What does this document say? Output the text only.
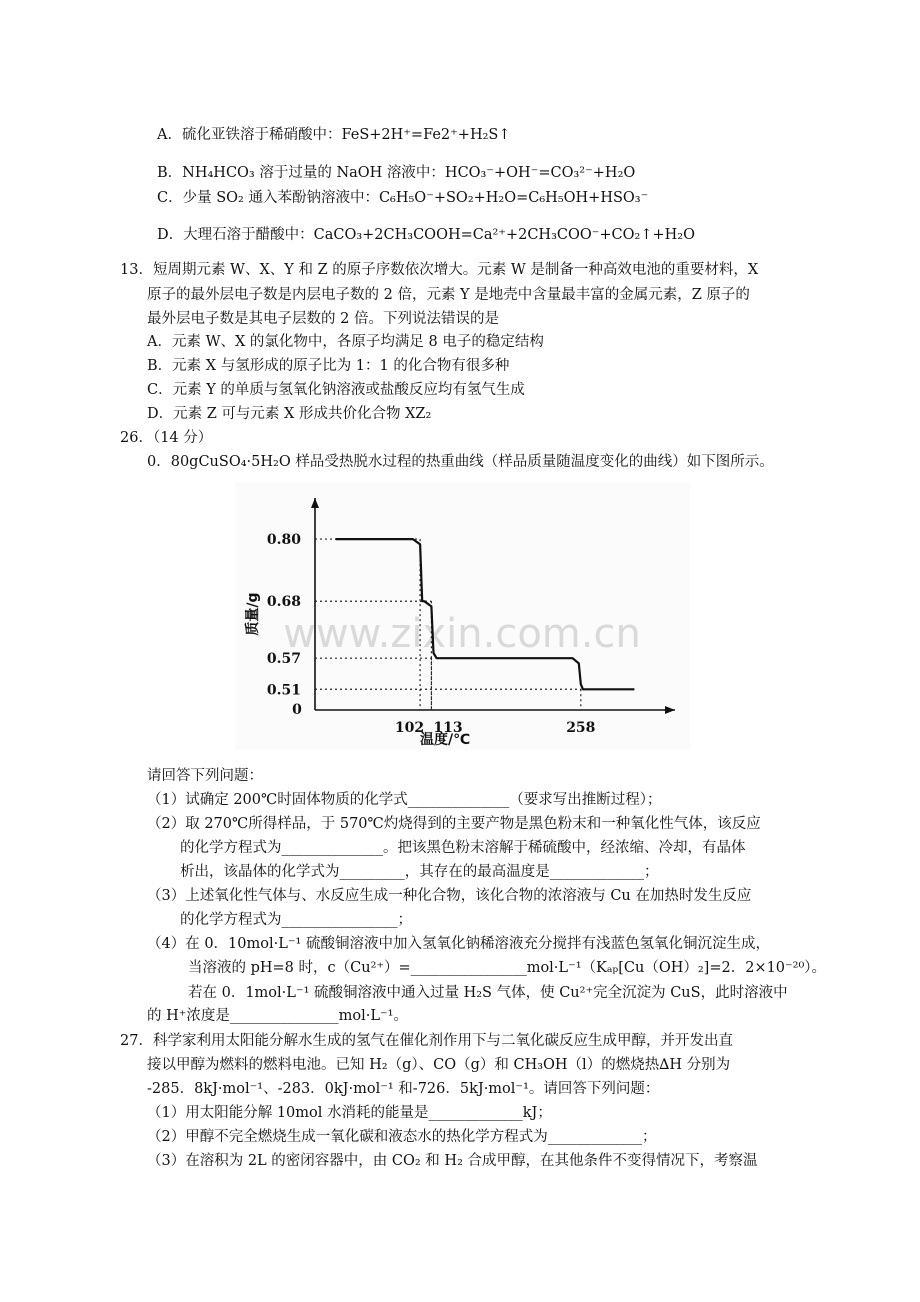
A．硫化亚铁溶于稀硝酸中：FeS+2H⁺=Fe2⁺+H₂S↑
B．NH₄HCO₃ 溶于过量的 NaOH 溶液中：HCO₃⁻+OH⁻=CO₃²⁻+H₂O
C．少量 SO₂ 通入苯酚钠溶液中：C₆H₅O⁻+SO₂+H₂O=C₆H₅OH+HSO₃⁻
D．大理石溶于醋酸中：CaCO₃+2CH₃COOH=Ca²⁺+2CH₃COO⁻+CO₂↑+H₂O
13．短周期元素 W、X、Y 和 Z 的原子序数依次增大。元素 W 是制备一种高效电池的重要材料，X
原子的最外层电子数是内层电子数的 2 倍，元素 Y 是地壳中含量最丰富的金属元素，Z 原子的
最外层电子数是其电子层数的 2 倍。下列说法错误的是
A．元素 W、X 的氯化物中，各原子均满足 8 电子的稳定结构
B．元素 X 与氢形成的原子比为 1：1 的化合物有很多种
C．元素 Y 的单质与氢氧化钠溶液或盐酸反应均有氢气生成
D．元素 Z 可与元素 X 形成共价化合物 XZ₂
26．（14 分）
0．80gCuSO₄·5H₂O 样品受热脱水过程的热重曲线（样品质量随温度变化的曲线）如下图所示。
www.zixin.com.cn
0.80
0.68
0.57
0.51
0
102 113	258
温度/℃
质量/g
请回答下列问题：
（1）试确定 200℃时固体物质的化学式______________（要求写出推断过程）；
（2）取 270℃所得样品，于 570℃灼烧得到的主要产物是黑色粉末和一种氧化性气体，该反应
的化学方程式为______________。把该黑色粉末溶解于稀硫酸中，经浓缩、冷却，有晶体
析出，该晶体的化学式为_________，其存在的最高温度是_____________；
（3）上述氧化性气体与、水反应生成一种化合物，该化合物的浓溶液与 Cu 在加热时发生反应
的化学方程式为________________；
（4）在 0．10mol·L⁻¹ 硫酸铜溶液中加入氢氧化钠稀溶液充分搅拌有浅蓝色氢氧化铜沉淀生成，
当溶液的 pH=8 时，c（Cu²⁺）=________________mol·L⁻¹（Kₐₚ[Cu（OH）₂]=2．2×10⁻²⁰）。
若在 0．1mol·L⁻¹ 硫酸铜溶液中通入过量 H₂S 气体，使 Cu²⁺完全沉淀为 CuS，此时溶液中
的 H⁺浓度是_______________mol·L⁻¹。
27．科学家利用太阳能分解水生成的氢气在催化剂作用下与二氧化碳反应生成甲醇，并开发出直
接以甲醇为燃料的燃料电池。已知 H₂（g）、CO（g）和 CH₃OH（l）的燃烧热∆H 分别为
-285．8kJ·mol⁻¹、-283．0kJ·mol⁻¹ 和-726．5kJ·mol⁻¹。请回答下列问题：
（1）用太阳能分解 10mol 水消耗的能量是_____________kJ；
（2）甲醇不完全燃烧生成一氧化碳和液态水的热化学方程式为_____________；
（3）在溶积为 2L 的密闭容器中，由 CO₂ 和 H₂ 合成甲醇，在其他条件不变得情况下，考察温
